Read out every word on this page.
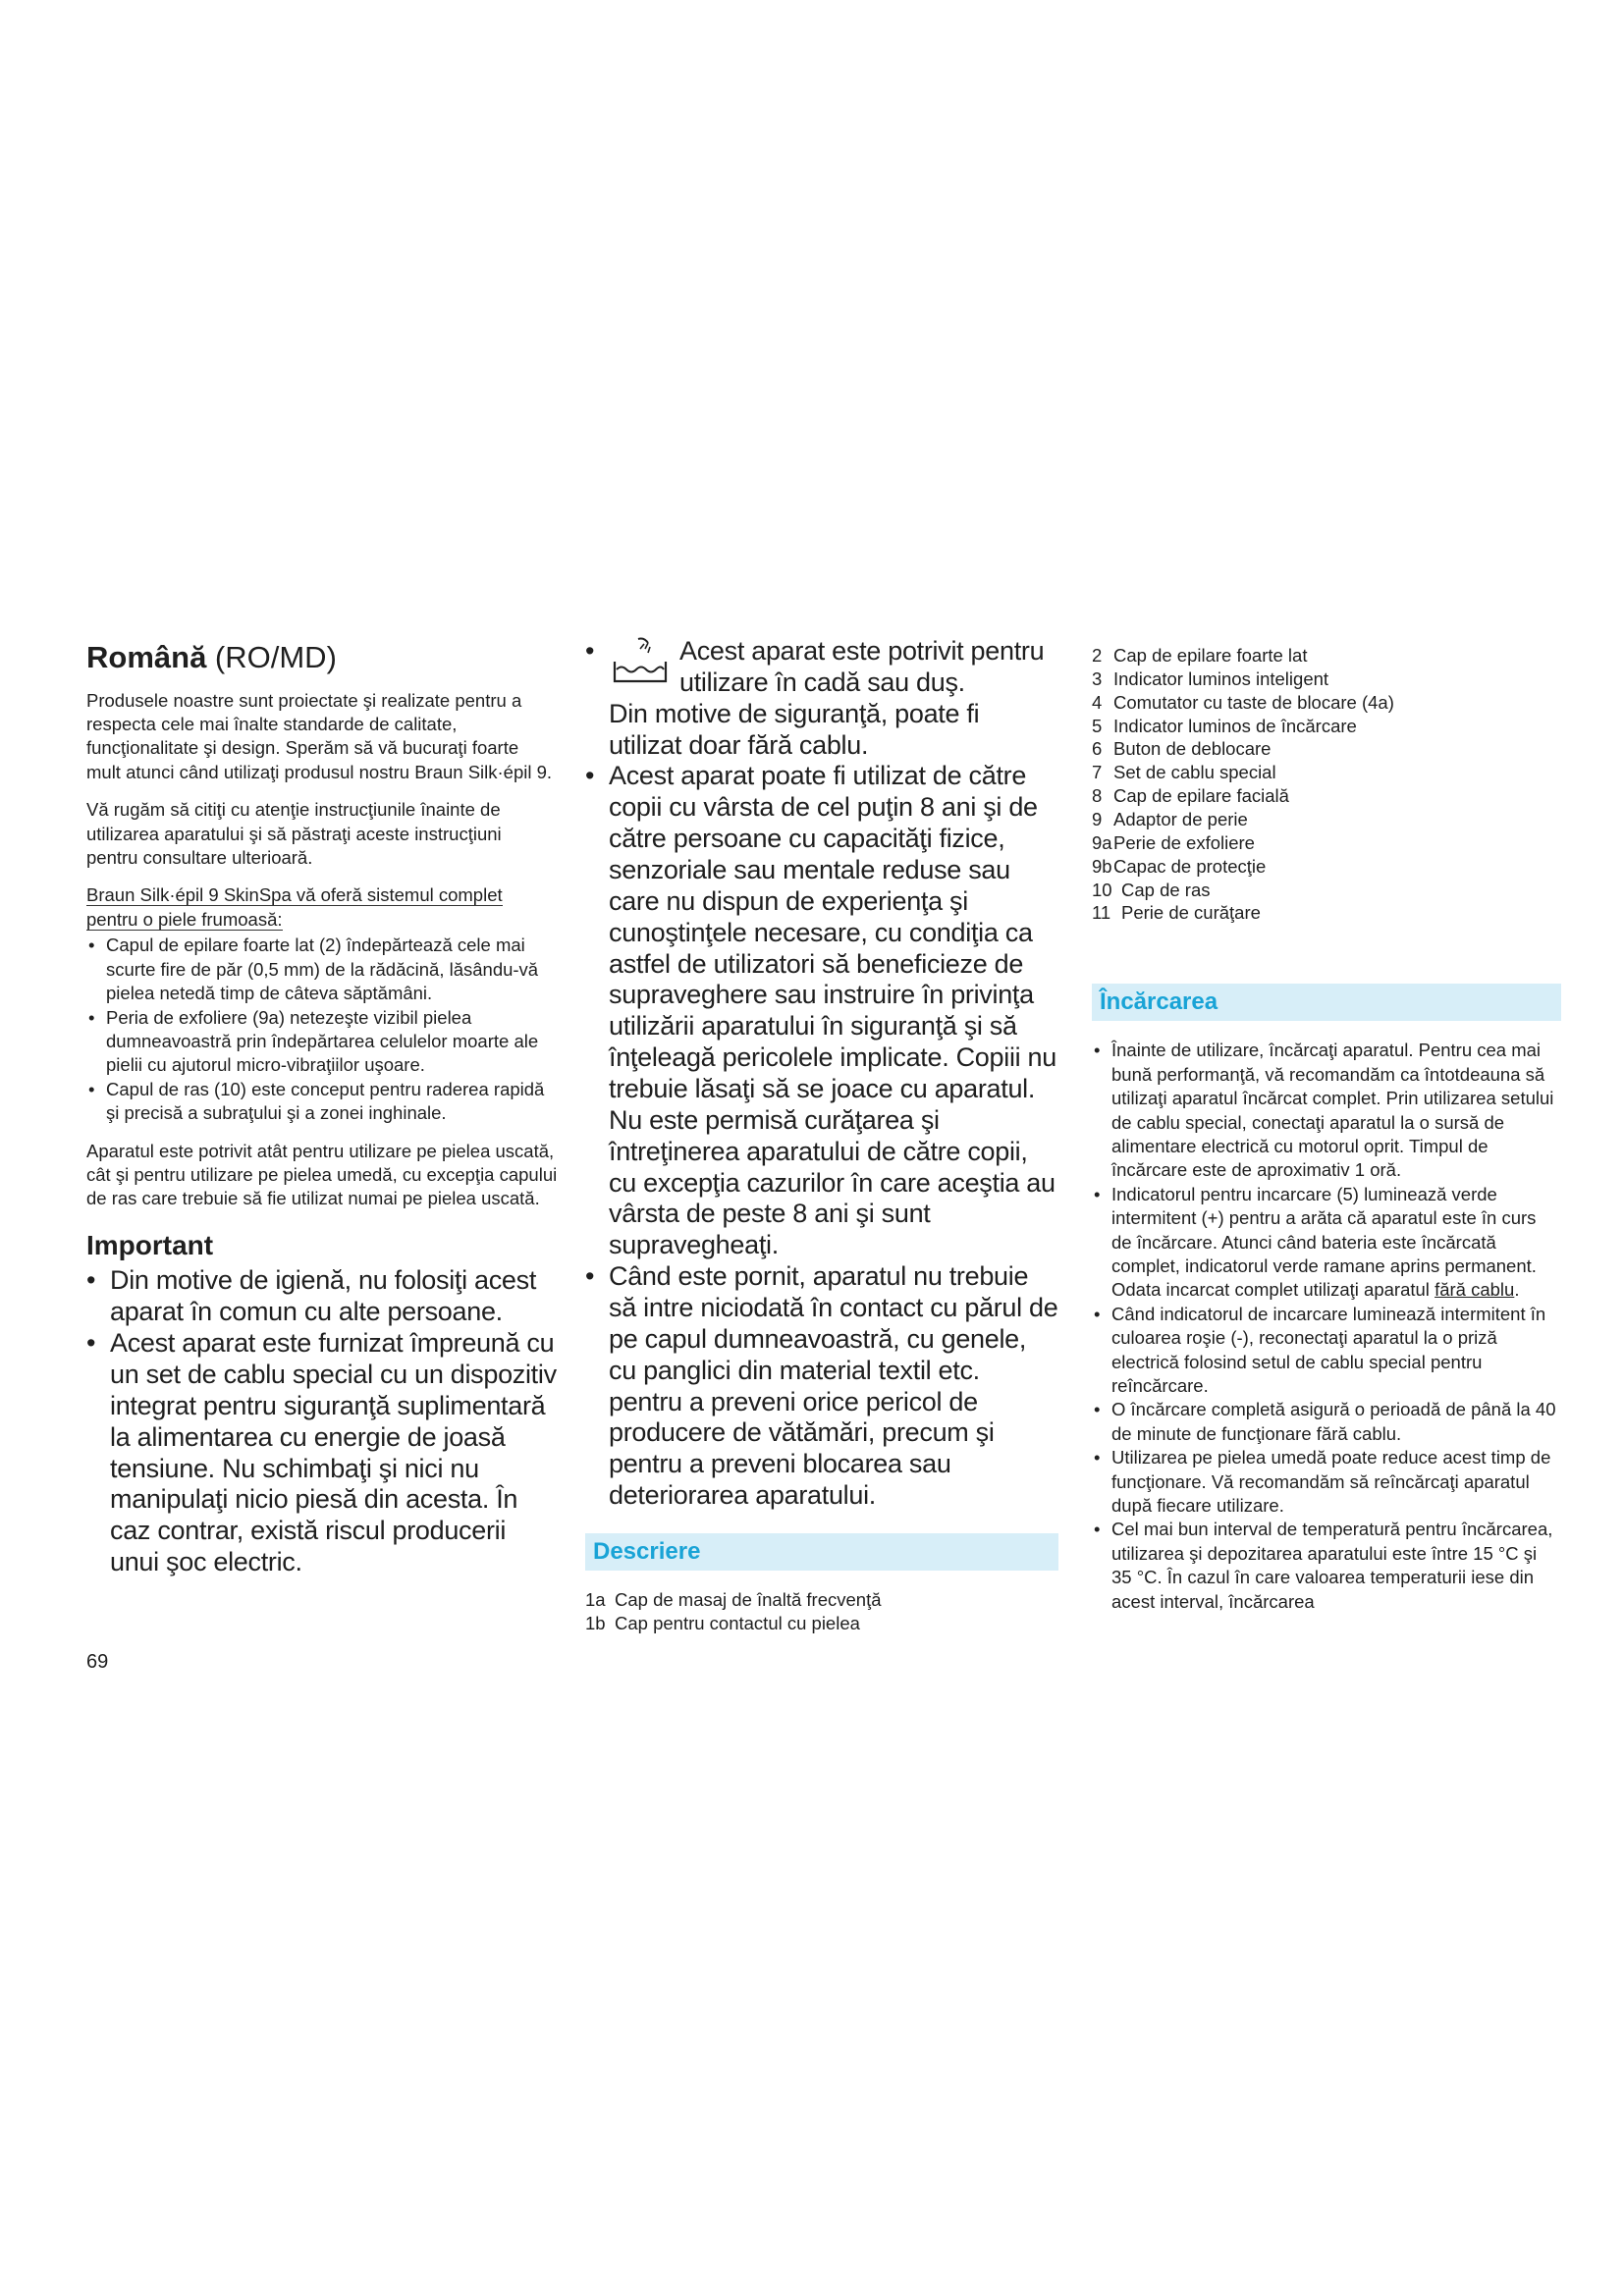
Română (RO/MD)

Produsele noastre sunt proiectate şi realizate pentru a respecta cele mai înalte standarde de calitate, funcţionalitate şi design. Sperăm să vă bucuraţi foarte mult atunci când utilizaţi produsul nostru Braun Silk·épil 9.

Vă rugăm să citiţi cu atenţie instrucţiunile înainte de utilizarea aparatului şi să păstraţi aceste instrucţiuni pentru consultare ulterioară.

Braun Silk·épil 9 SkinSpa vă oferă sistemul complet pentru o piele frumoasă:

• Capul de epilare foarte lat (2) îndepărtează cele mai scurte fire de păr (0,5 mm) de la rădăcină, lăsându-vă pielea netedă timp de câteva săptămâni.
• Peria de exfoliere (9a) netezeşte vizibil pielea dumneavoastră prin îndepărtarea celulelor moarte ale pielii cu ajutorul micro-vibraţiilor uşoare.
• Capul de ras (10) este conceput pentru raderea rapidă şi precisă a subraţului şi a zonei inghinale.

Aparatul este potrivit atât pentru utilizare pe pielea uscată, cât şi pentru utilizare pe pielea umedă, cu excepţia capului de ras care trebuie să fie utilizat numai pe pielea uscată.

Important
• Din motive de igienă, nu folosiţi acest aparat în comun cu alte persoane.
• Acest aparat este furnizat împreună cu un set de cablu special cu un dispozitiv integrat pentru siguranţă suplimentară la alimentarea cu energie de joasă tensiune. Nu schimbaţi şi nici nu manipulaţi nicio piesă din acesta. În caz contrar, există riscul producerii unui şoc electric.
69
• Acest aparat este potrivit pentru
utilizare în cadă sau duş.
Din motive de siguranţă, poate fi utilizat doar fără cablu.
• Acest aparat poate fi utilizat de către copii cu vârsta de cel puţin 8 ani şi de către persoane cu capacităţi fizice, senzoriale sau mentale reduse sau care nu dispun de experienţa şi cunoştinţele necesare, cu condiţia ca astfel de utilizatori să beneficieze de supraveghere sau instruire în privinţa utilizării aparatului în siguranţă şi să înţeleagă pericolele implicate. Copiii nu trebuie lăsaţi să se joace cu aparatul. Nu este permisă curăţarea şi întreţinerea aparatului de către copii, cu excepţia cazurilor în care aceştia au vârsta de peste 8 ani şi sunt supravegheaţi.
• Când este pornit, aparatul nu trebuie să intre niciodată în contact cu părul de pe capul dumneavoastră, cu genele, cu panglici din material textil etc. pentru a preveni orice pericol de producere de vătămări, precum şi pentru a preveni blocarea sau deteriorarea aparatului.
Descriere
1a Cap de masaj de înaltă frecvenţă
1b Cap pentru contactul cu pielea
2 Cap de epilare foarte lat
3 Indicator luminos inteligent
4 Comutator cu taste de blocare (4a)
5 Indicator luminos de încărcare
6 Buton de deblocare
7 Set de cablu special
8 Cap de epilare facială
9 Adaptor de perie
9a Perie de exfoliere
9b Capac de protecţie
10 Cap de ras
11 Perie de curăţare
Încărcarea
• Înainte de utilizare, încărcaţi aparatul. Pentru cea mai bună performanţă, vă recomandăm ca întotdeauna să utilizaţi aparatul încărcat complet. Prin utilizarea setului de cablu special, conectaţi aparatul la o sursă de alimentare electrică cu motorul oprit. Timpul de încărcare este de aproximativ 1 oră.
• Indicatorul pentru incarcare (5) luminează verde intermitent (+) pentru a arăta că aparatul este în curs de încărcare. Atunci când bateria este încărcată complet, indicatorul verde ramane aprins permanent. Odata incarcat complet utilizaţi aparatul fără cablu.
• Când indicatorul de incarcare luminează intermitent în culoarea roşie (-), reconectaţi aparatul la o priză electrică folosind setul de cablu special pentru reîncărcare.
• O încărcare completă asigură o perioadă de până la 40 de minute de funcţionare fără cablu.
• Utilizarea pe pielea umedă poate reduce acest timp de funcţionare. Vă recomandăm să reîncărcaţi aparatul după fiecare utilizare.
• Cel mai bun interval de temperatură pentru încărcarea, utilizarea şi depozitarea aparatului este între 15 °C şi 35 °C. În cazul în care valoarea temperaturii iese din acest interval, încărcarea
